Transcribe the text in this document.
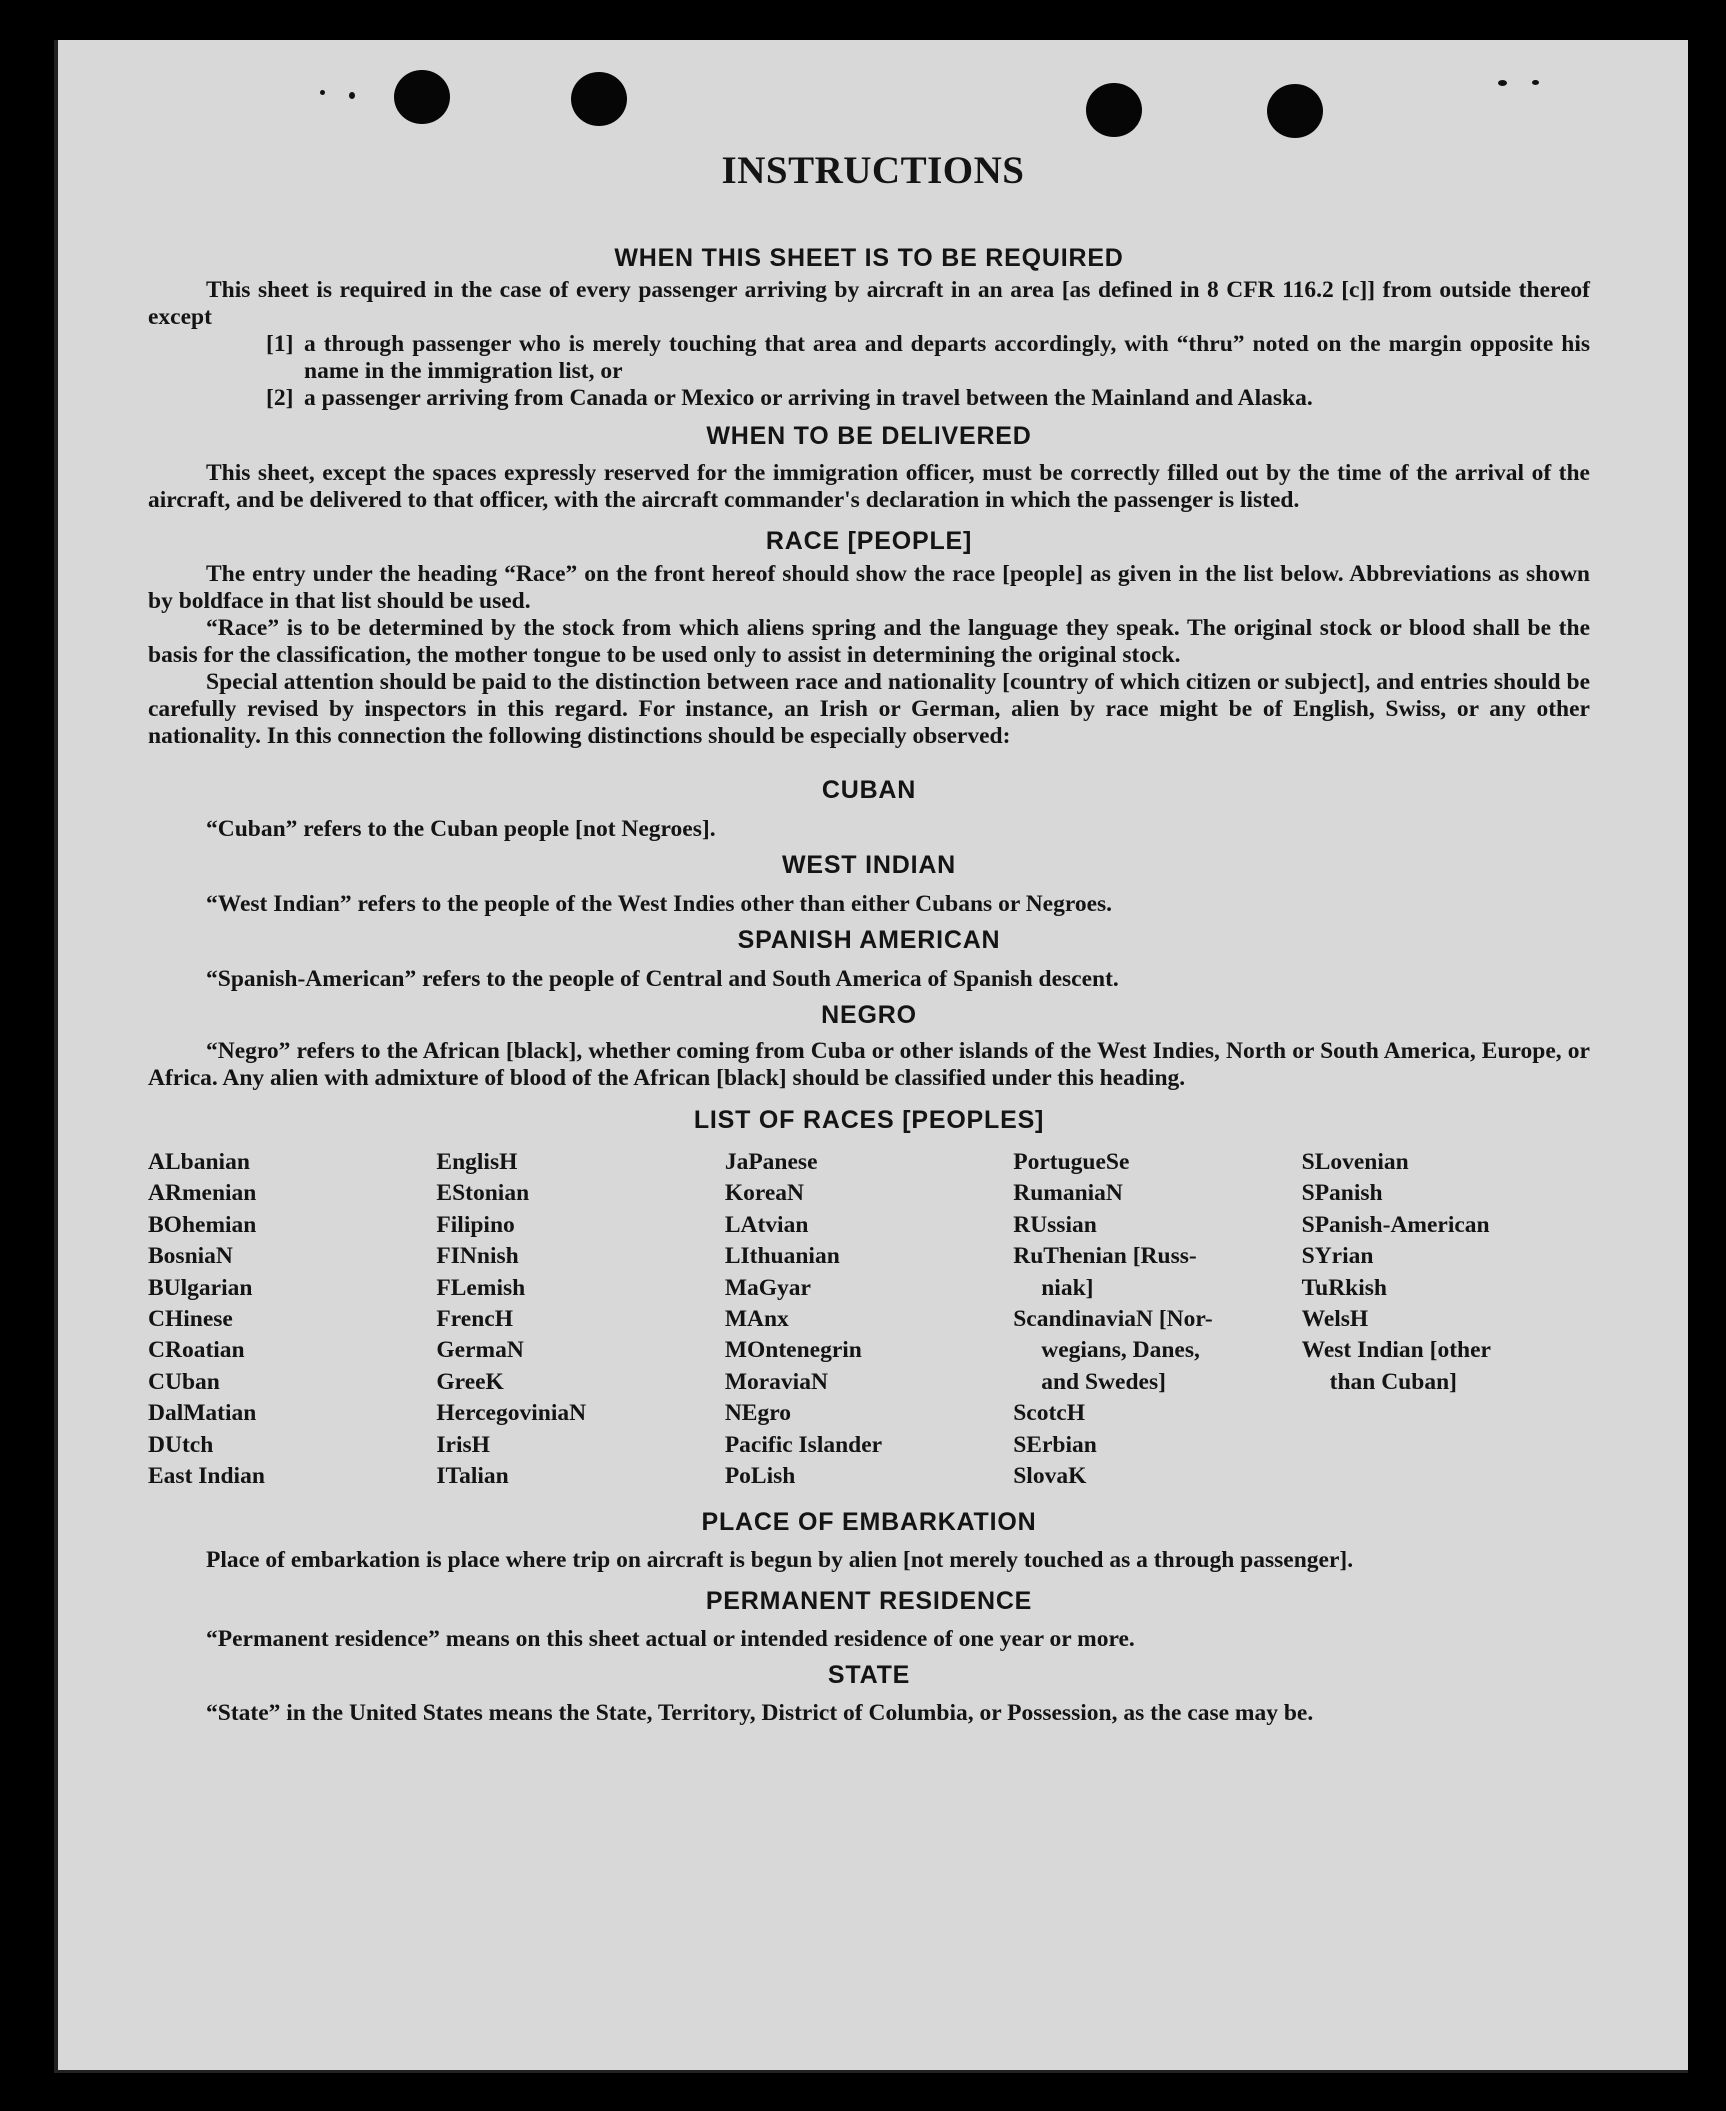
INSTRUCTIONS
WHEN THIS SHEET IS TO BE REQUIRED

This sheet is required in the case of every passenger arriving by aircraft in an area [as defined in 8 CFR 116.2 [c]] from outside thereof except

[1] a through passenger who is merely touching that area and departs accordingly, with “thru” noted on the margin opposite his name in the immigration list, or
[2] a passenger arriving from Canada or Mexico or arriving in travel between the Mainland and Alaska.
WHEN TO BE DELIVERED

This sheet, except the spaces expressly reserved for the immigration officer, must be correctly filled out by the time of the arrival of the aircraft, and be delivered to that officer, with the aircraft commander's declaration in which the passenger is listed.

RACE [PEOPLE]

The entry under the heading “Race” on the front hereof should show the race [people] as given in the list below. Abbreviations as shown by boldface in that list should be used.

“Race” is to be determined by the stock from which aliens spring and the language they speak. The original stock or blood shall be the basis for the classification, the mother tongue to be used only to assist in determining the original stock.

Special attention should be paid to the distinction between race and nationality [country of which citizen or subject], and entries should be carefully revised by inspectors in this regard. For instance, an Irish or German, alien by race might be of English, Swiss, or any other nationality. In this connection the following distinctions should be especially observed:

CUBAN

“Cuban” refers to the Cuban people [not Negroes].

WEST INDIAN

“West Indian” refers to the people of the West Indies other than either Cubans or Negroes.

SPANISH AMERICAN

“Spanish-American” refers to the people of Central and South America of Spanish descent.

NEGRO

“Negro” refers to the African [black], whether coming from Cuba or other islands of the West Indies, North or South America, Europe, or Africa. Any alien with admixture of blood of the African [black] should be classified under this heading.

LIST OF RACES [PEOPLES]
ALbanian
ARmenian
BOhemian
BosniaN
BUlgarian
CHinese
CRoatian
CUban
DalMatian
DUtch
East Indian
EnglisH
EStonian
Filipino
FINnish
FLemish
FrencH
GermaN
GreeK
HercegoviniaN
IrisH
ITalian
JaPanese
KoreaN
LAtvian
LIthuanian
MaGyar
MAnx
MOntenegrin
MoraviaN
NEgro
Pacific Islander
PoLish
PortugueSe
RumaniaN
RUssian
RuThenian [Russ-
niak]
ScandinaviaN [Nor-
wegians, Danes,
and Swedes]
ScotcH
SErbian
SlovaK
SLovenian
SPanish
SPanish-American
SYrian
TuRkish
WelsH
West Indian [other
than Cuban]
PLACE OF EMBARKATION

Place of embarkation is place where trip on aircraft is begun by alien [not merely touched as a through passenger].

PERMANENT RESIDENCE

“Permanent residence” means on this sheet actual or intended residence of one year or more.

STATE

“State” in the United States means the State, Territory, District of Columbia, or Possession, as the case may be.
